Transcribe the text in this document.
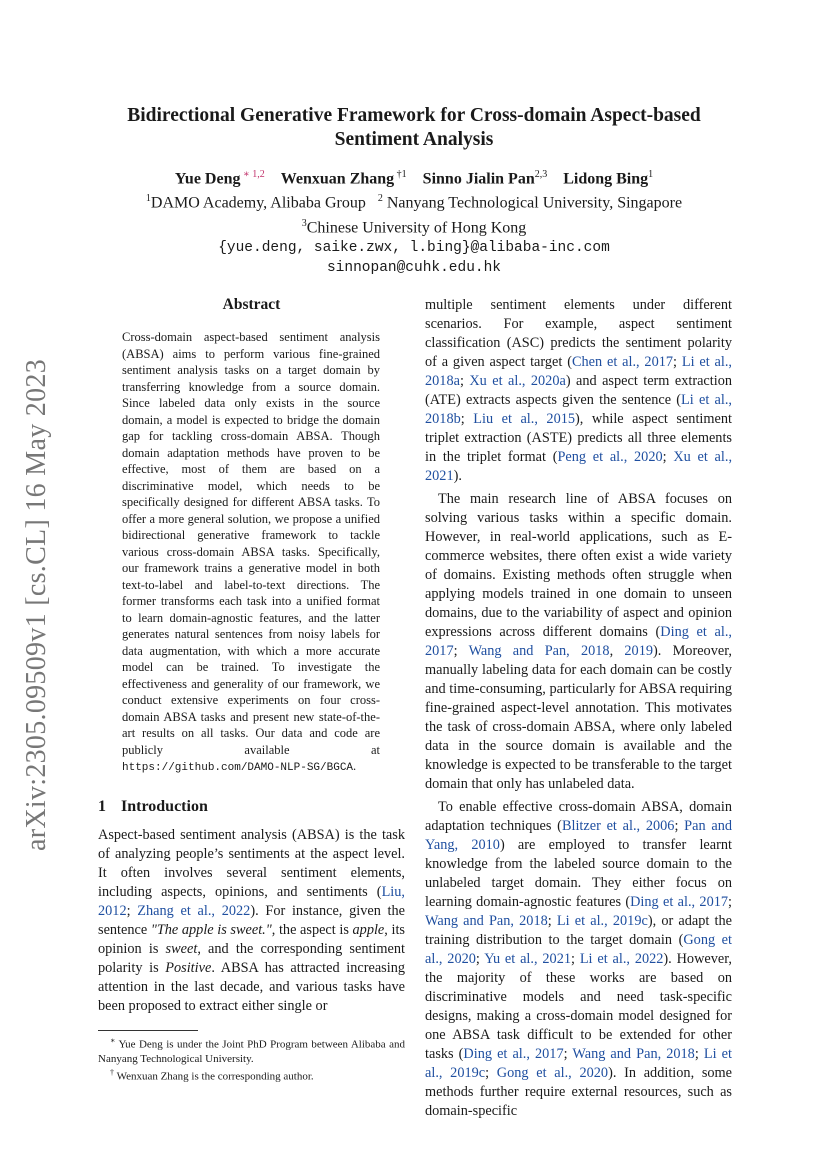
arXiv:2305.09509v1 [cs.CL] 16 May 2023
Bidirectional Generative Framework for Cross-domain Aspect-based
Sentiment Analysis
Yue Deng $^{∗ 1,2}$ Wenxuan Zhang $^{\dagger 1}$ Sinno Jialin Pan$^{2,3}$ Lidong Bing$^1$
$^1$DAMO Academy, Alibaba Group $^2$ Nanyang Technological University, Singapore
$^3$Chinese University of Hong Kong
{yue.deng, saike.zwx, l.bing}@alibaba-inc.com
sinnopan@cuhk.edu.hk
Abstract
Cross-domain aspect-based sentiment analysis (ABSA) aims to perform various fine-grained sentiment analysis tasks on a target domain by transferring knowledge from a source domain. Since labeled data only exists in the source domain, a model is expected to bridge the domain gap for tackling cross-domain ABSA. Though domain adaptation methods have proven to be effective, most of them are based on a discriminative model, which needs to be specifically designed for different ABSA tasks. To offer a more general solution, we propose a unified bidirectional generative framework to tackle various cross-domain ABSA tasks. Specifically, our framework trains a generative model in both text-to-label and label-to-text directions. The former transforms each task into a unified format to learn domain-agnostic features, and the latter generates natural sentences from noisy labels for data augmentation, with which a more accurate model can be trained. To investigate the effectiveness and generality of our framework, we conduct extensive experiments on four cross-domain ABSA tasks and present new state-of-the-art results on all tasks. Our data and code are publicly available at https://github.com/DAMO-NLP-SG/BGCA.
1 Introduction

Aspect-based sentiment analysis (ABSA) is the task of analyzing people’s sentiments at the aspect level. It often involves several sentiment elements, including aspects, opinions, and sentiments (Liu, 2012; Zhang et al., 2022). For instance, given the sentence "The apple is sweet.", the aspect is apple, its opinion is sweet, and the corresponding sentiment polarity is Positive. ABSA has attracted increasing attention in the last decade, and various tasks have been proposed to extract either single or

multiple sentiment elements under different scenarios. For example, aspect sentiment classification (ASC) predicts the sentiment polarity of a given aspect target (Chen et al., 2017; Li et al., 2018a; Xu et al., 2020a) and aspect term extraction (ATE) extracts aspects given the sentence (Li et al., 2018b; Liu et al., 2015), while aspect sentiment triplet extraction (ASTE) predicts all three elements in the triplet format (Peng et al., 2020; Xu et al., 2021).

The main research line of ABSA focuses on solving various tasks within a specific domain. However, in real-world applications, such as E-commerce websites, there often exist a wide variety of domains. Existing methods often struggle when applying models trained in one domain to unseen domains, due to the variability of aspect and opinion expressions across different domains (Ding et al., 2017; Wang and Pan, 2018, 2019). Moreover, manually labeling data for each domain can be costly and time-consuming, particularly for ABSA requiring fine-grained aspect-level annotation. This motivates the task of cross-domain ABSA, where only labeled data in the source domain is available and the knowledge is expected to be transferable to the target domain that only has unlabeled data.

To enable effective cross-domain ABSA, domain adaptation techniques (Blitzer et al., 2006; Pan and Yang, 2010) are employed to transfer learnt knowledge from the labeled source domain to the unlabeled target domain. They either focus on learning domain-agnostic features (Ding et al., 2017; Wang and Pan, 2018; Li et al., 2019c), or adapt the training distribution to the target domain (Gong et al., 2020; Yu et al., 2021; Li et al., 2022). However, the majority of these works are based on discriminative models and need task-specific designs, making a cross-domain model designed for one ABSA task difficult to be extended for other tasks (Ding et al., 2017; Wang and Pan, 2018; Li et al., 2019c; Gong et al., 2020). In addition, some methods further require external resources, such as domain-specific

∗ Yue Deng is under the Joint PhD Program between Alibaba and Nanyang Technological University.
† Wenxuan Zhang is the corresponding author.
